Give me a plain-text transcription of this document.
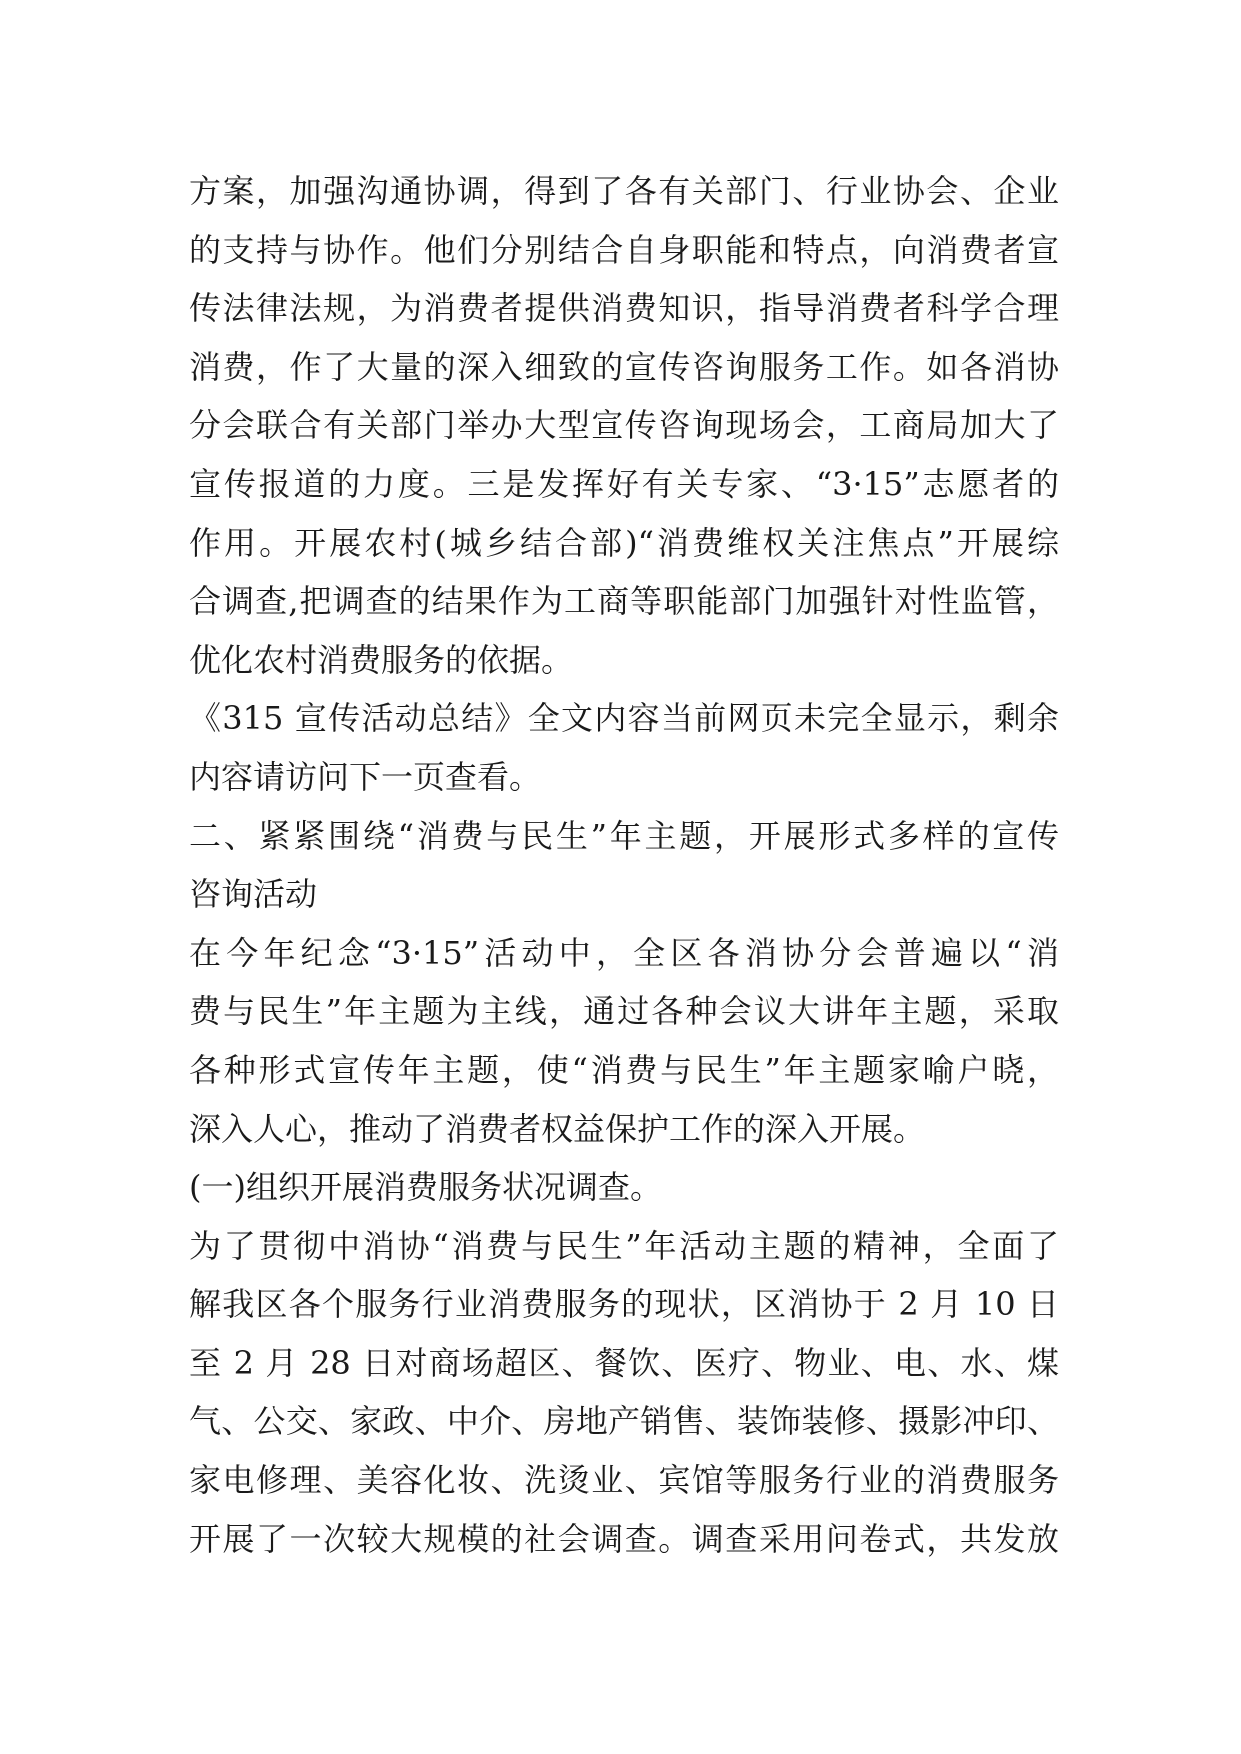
方案，加强沟通协调，得到了各有关部门、行业协会、企业
的支持与协作。他们分别结合自身职能和特点，向消费者宣
传法律法规，为消费者提供消费知识，指导消费者科学合理
消费，作了大量的深入细致的宣传咨询服务工作。如各消协
分会联合有关部门举办大型宣传咨询现场会，工商局加大了
宣传报道的力度。三是发挥好有关专家、“3·15”志愿者的
作用。开展农村(城乡结合部)“消费维权关注焦点”开展综
合调查,把调查的结果作为工商等职能部门加强针对性监管，
优化农村消费服务的依据。
《315 宣传活动总结》全文内容当前网页未完全显示，剩余
内容请访问下一页查看。
二、紧紧围绕“消费与民生”年主题，开展形式多样的宣传
咨询活动
在今年纪念“3·15”活动中，全区各消协分会普遍以“消
费与民生”年主题为主线，通过各种会议大讲年主题，采取
各种形式宣传年主题，使“消费与民生”年主题家喻户晓，
深入人心，推动了消费者权益保护工作的深入开展。
(一)组织开展消费服务状况调查。
为了贯彻中消协“消费与民生”年活动主题的精神，全面了
解我区各个服务行业消费服务的现状，区消协于 2 月 10 日
至 2 月 28 日对商场超区、餐饮、医疗、物业、电、水、煤
气、公交、家政、中介、房地产销售、装饰装修、摄影冲印、
家电修理、美容化妆、洗烫业、宾馆等服务行业的消费服务
开展了一次较大规模的社会调查。调查采用问卷式，共发放
